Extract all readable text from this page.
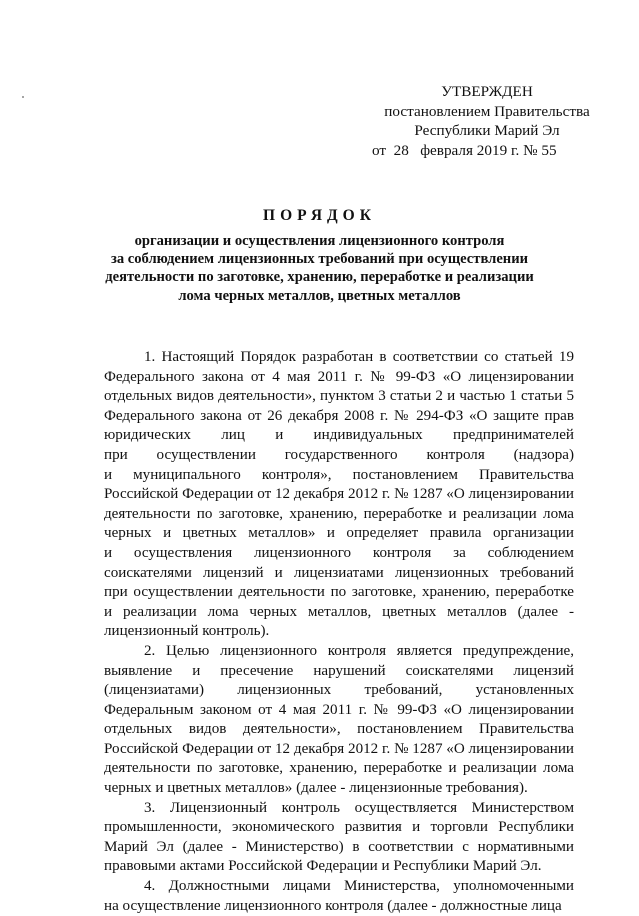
УТВЕРЖДЕН
постановлением Правительства
Республики Марий Эл
от  28   февраля 2019 г. № 55
ПОРЯДОК
организации и осуществления лицензионного контроля
за соблюдением лицензионных требований при осуществлении
деятельности по заготовке, хранению, переработке и реализации
лома черных металлов, цветных металлов
1. Настоящий Порядок разработан в соответствии со статьей 19
Федерального закона от 4 мая 2011 г. № 99-ФЗ «О лицензировании
отдельных видов деятельности», пунктом 3 статьи 2 и частью 1 статьи 5
Федерального закона от 26 декабря 2008 г. № 294-ФЗ «О защите прав
юридических лиц и индивидуальных предпринимателей
при осуществлении государственного контроля (надзора)
и муниципального контроля», постановлением Правительства
Российской Федерации от 12 декабря 2012 г. № 1287 «О лицензировании
деятельности по заготовке, хранению, переработке и реализации лома
черных и цветных металлов» и определяет правила организации
и осуществления лицензионного контроля за соблюдением
соискателями лицензий и лицензиатами лицензионных требований
при осуществлении деятельности по заготовке, хранению, переработке
и реализации лома черных металлов, цветных металлов (далее -
лицензионный контроль).
2. Целью лицензионного контроля является предупреждение,
выявление и пресечение нарушений соискателями лицензий
(лицензиатами) лицензионных требований, установленных
Федеральным законом от 4 мая 2011 г. № 99-ФЗ «О лицензировании
отдельных видов деятельности», постановлением Правительства
Российской Федерации от 12 декабря 2012 г. № 1287 «О лицензировании
деятельности по заготовке, хранению, переработке и реализации лома
черных и цветных металлов» (далее - лицензионные требования).
3. Лицензионный контроль осуществляется Министерством
промышленности, экономического развития и торговли Республики
Марий Эл (далее - Министерство) в соответствии с нормативными
правовыми актами Российской Федерации и Республики Марий Эл.
4. Должностными лицами Министерства, уполномоченными
на осуществление лицензионного контроля (далее - должностные лица
